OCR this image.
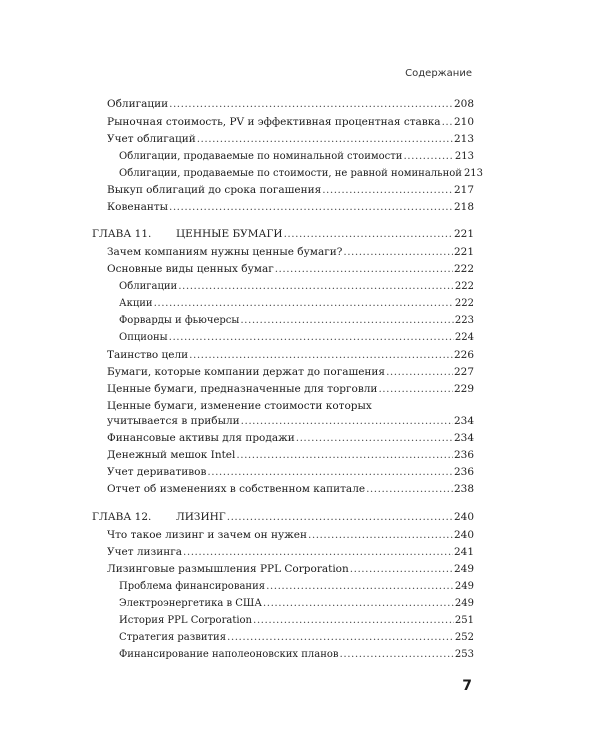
Содержание
Облигации .....	208
Рыночная стоимость, PV и эффективная процентная ставка ..... 210
Учет облигаций .....	213
Облигации, продаваемые по номинальной стоимости .....	213
Облигации, продаваемые по стоимости, не равной номинальной 213
Выкуп облигаций до срока погашения .....	217
Ковенанты .....	218
ГЛАВА 11. ЦЕННЫЕ БУМАГИ .....	221
Зачем компаниям нужны ценные бумаги? .....	221
Основные виды ценных бумаг .....	222
Облигации .....	222
Акции .....	222
Форварды и фьючерсы .....	223
Опционы .....	224
Таинство цели .....	226
Бумаги, которые компании держат до погашения .....	227
Ценные бумаги, предназначенные для торговли .....	229
Ценные бумаги, изменение стоимости которых
учитывается в прибыли .....	234
Финансовые активы для продажи .....	234
Денежный мешок Intel .....	236
Учет деривативов .....	236
Отчет об изменениях в собственном капитале .....	238
ГЛАВА 12. ЛИЗИНГ .....	240
Что такое лизинг и зачем он нужен .....	240
Учет лизинга .....	241
Лизинговые размышления PPL Corporation .....	249
Проблема финансирования .....	249
Электроэнергетика в США .....	249
История PPL Corporation .....	251
Стратегия развития .....	252
Финансирование наполеоновских планов .....	253
7
